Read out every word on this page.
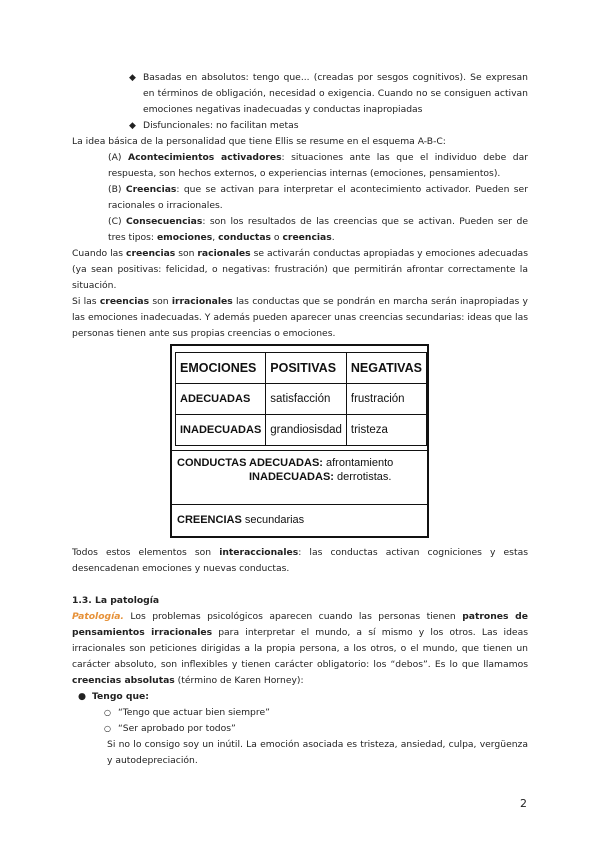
◆ Basadas en absolutos: tengo que... (creadas por sesgos cognitivos). Se expresan en términos de obligación, necesidad o exigencia. Cuando no se consiguen activan emociones negativas inadecuadas y conductas inapropiadas
◆ Disfuncionales: no facilitan metas

La idea básica de la personalidad que tiene Ellis se resume en el esquema A-B-C:

(A) Acontecimientos activadores: situaciones ante las que el individuo debe dar respuesta, son hechos externos, o experiencias internas (emociones, pensamientos).

(B) Creencias: que se activan para interpretar el acontecimiento activador. Pueden ser racionales o irracionales.

(C) Consecuencias: son los resultados de las creencias que se activan. Pueden ser de tres tipos: emociones, conductas o creencias.

Cuando las creencias son racionales se activarán conductas apropiadas y emociones adecuadas (ya sean positivas: felicidad, o negativas: frustración) que permitirán afrontar correctamente la situación.

Si las creencias son irracionales las conductas que se pondrán en marcha serán inapropiadas y las emociones inadecuadas. Y además pueden aparecer unas creencias secundarias: ideas que las personas tienen ante sus propias creencias o emociones.

EMOCIONES	POSITIVAS	NEGATIVAS
ADECUADAS	satisfacción	frustración
INADECUADAS	grandiosisdad	tristeza
CONDUCTAS ADECUADAS: afrontamiento
INADECUADAS: derrotistas.
CREENCIAS secundarias

Todos estos elementos son interaccionales: las conductas activan cogniciones y estas desencadenan emociones y nuevas conductas.

1.3. La patología

Patología. Los problemas psicológicos aparecen cuando las personas tienen patrones de pensamientos irracionales para interpretar el mundo, a sí mismo y los otros. Las ideas irracionales son peticiones dirigidas a la propia persona, a los otros, o el mundo, que tienen un carácter absoluto, son inflexibles y tienen carácter obligatorio: los “debos”. Es lo que llamamos creencias absolutas (término de Karen Horney):

● Tengo que:
○ “Tengo que actuar bien siempre”
○ “Ser aprobado por todos”

Si no lo consigo soy un inútil. La emoción asociada es tristeza, ansiedad, culpa, vergüenza y autodepreciación.

2
